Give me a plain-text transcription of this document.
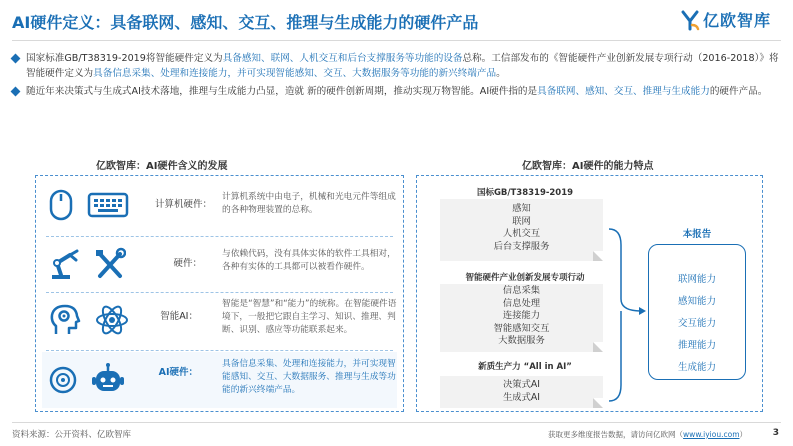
AI硬件定义：具备联网、感知、交互、推理与生成能力的硬件产品	亿欧智库
国家标准GB/T38319-2019将智能硬件定义为具备感知、联网、人机交互和后台支撑服务等功能的设备总称。工信部发布的《智能硬件产业创新发展专项行动（2016-2018）》将智能硬件定义为具备信息采集、处理和连接能力，并可实现智能感知、交互、大数据服务等功能的新兴终端产品。
随近年来决策式与生成式AI技术落地，推理与生成能力凸显，造就 新的硬件创新周期，推动实现万物智能。AI硬件指的是具备联网、感知、交互、推理与生成能力的硬件产品。
亿欧智库：AI硬件含义的发展
计算机硬件：
计算机系统中由电子，机械和光电元件等组成的各种物理装置的总称。
硬件：
与依赖代码，没有具体实体的软件工具相对，各种有实体的工具都可以被看作硬件。
智能AI：
智能是“智慧”和“能力”的统称。在智能硬件语境下，一般把它跟自主学习、知识、推理、判断、识别、感应等功能联系起来。
AI硬件：
具备信息采集、处理和连接能力，并可实现智能感知、交互、大数据服务、推理与生成等功能的新兴终端产品。
亿欧智库：AI硬件的能力特点
国标GB/T38319-2019
感知
联网
人机交互
后台支撑服务
智能硬件产业创新发展专项行动
信息采集
信息处理
连接能力
智能感知交互
大数据服务
新质生产力 “All in AI”
决策式AI
生成式AI
本报告
联网能力
感知能力
交互能力
推理能力
生成能力
资料来源：公开资料、亿欧智库	获取更多维度报告数据，请访问亿欧网（www.iyiou.com）	3
